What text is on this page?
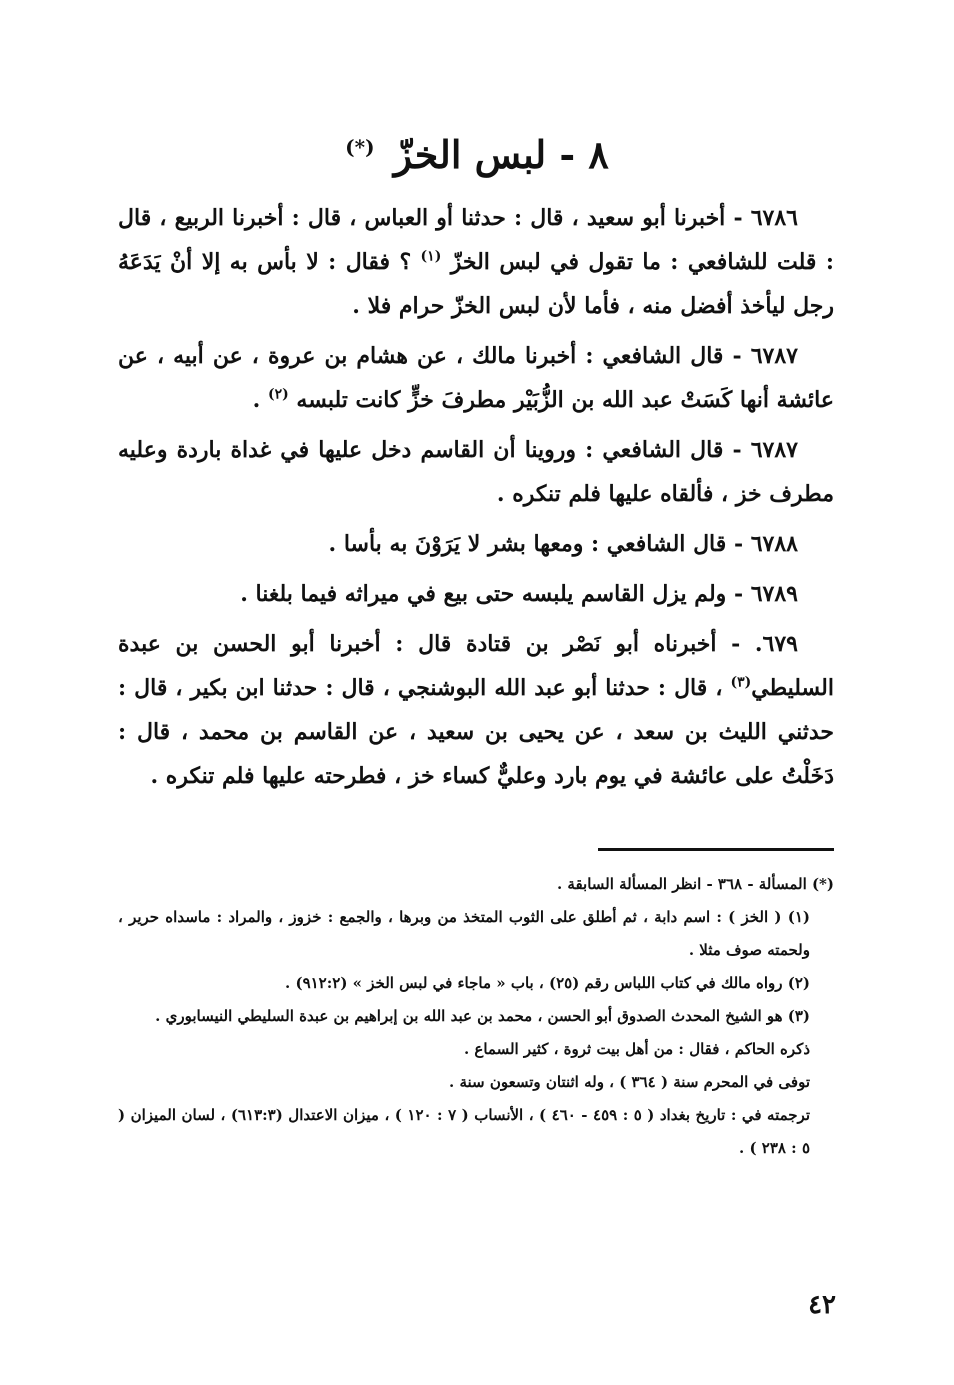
٨ - لبس الخزّ (*)

٦٧٨٦ - أخبرنا أبو سعيد ، قال : حدثنا أو العباس ، قال : أخبرنا الربيع ، قال : قلت للشافعي : ما تقول في لبس الخزّ $^{(١)}$ ؟ فقال : لا بأس به إلا أنْ يَدَعَهُ رجل ليأخذ أفضل منه ، فأما لأن لبس الخزّ حرام فلا .

٦٧٨٧ - قال الشافعي : أخبرنا مالك ، عن هشام بن عروة ، عن أبيه ، عن عائشة أنها كَسَتْ عبد الله بن الزُّبَيْر مطرفَ خزٍّ كانت تلبسه $^{(٢)}$ .

٦٧٨٧ - قال الشافعي : وروينا أن القاسم دخل عليها في غداة باردة وعليه مطرف خز ، فألقاه عليها فلم تنكره .

٦٧٨٨ - قال الشافعي : ومعها بشر لا يَرَوْنَ به بأسا .

٦٧٨٩ - ولم يزل القاسم يلبسه حتى بيع في ميراثه فيما بلغنا .

٦٧٩. - أخبرناه أبو نَصْر بن قتادة قال : أخبرنا أبو الحسن بن عبدة السليطي$^{(٣)}$ ، قال : حدثنا أبو عبد الله البوشنجي ، قال : حدثنا ابن بكير ، قال : حدثني الليث بن سعد ، عن يحيى بن سعيد ، عن القاسم بن محمد ، قال : دَخَلْتُ على عائشة في يوم بارد وعليٌّ كساء خز ، فطرحته عليها فلم تنكره .

(*) المسألة - ٣٦٨ - انظر المسألة السابقة .

(١) ( الخز ) : اسم دابة ، ثم أطلق على الثوب المتخذ من وبرها ، والجمع : خزوز ، والمراد : ماسداه حرير ، ولحمته صوف مثلا .

(٢) رواه مالك في كتاب اللباس رقم (٢٥) ، باب « ماجاء في لبس الخز » (٩١٢:٢) .

(٣) هو الشيخ المحدث الصدوق أبو الحسن ، محمد بن عبد الله بن إبراهيم بن عبدة السليطي النيسابوري .

ذكره الحاكم ، فقال : من أهل بيت ثروة ، كثير السماع .

توفى في المحرم سنة ( ٣٦٤ ) ، وله اثنتان وتسعون سنة .

ترجمته في : تاريخ بغداد ( ٥ : ٤٥٩ - ٤٦٠ ) ، الأنساب ( ٧ : ١٢٠ ) ، ميزان الاعتدال (٦١٣:٣) ، لسان الميزان ( ٥ : ٢٣٨ ) .

٤٢
